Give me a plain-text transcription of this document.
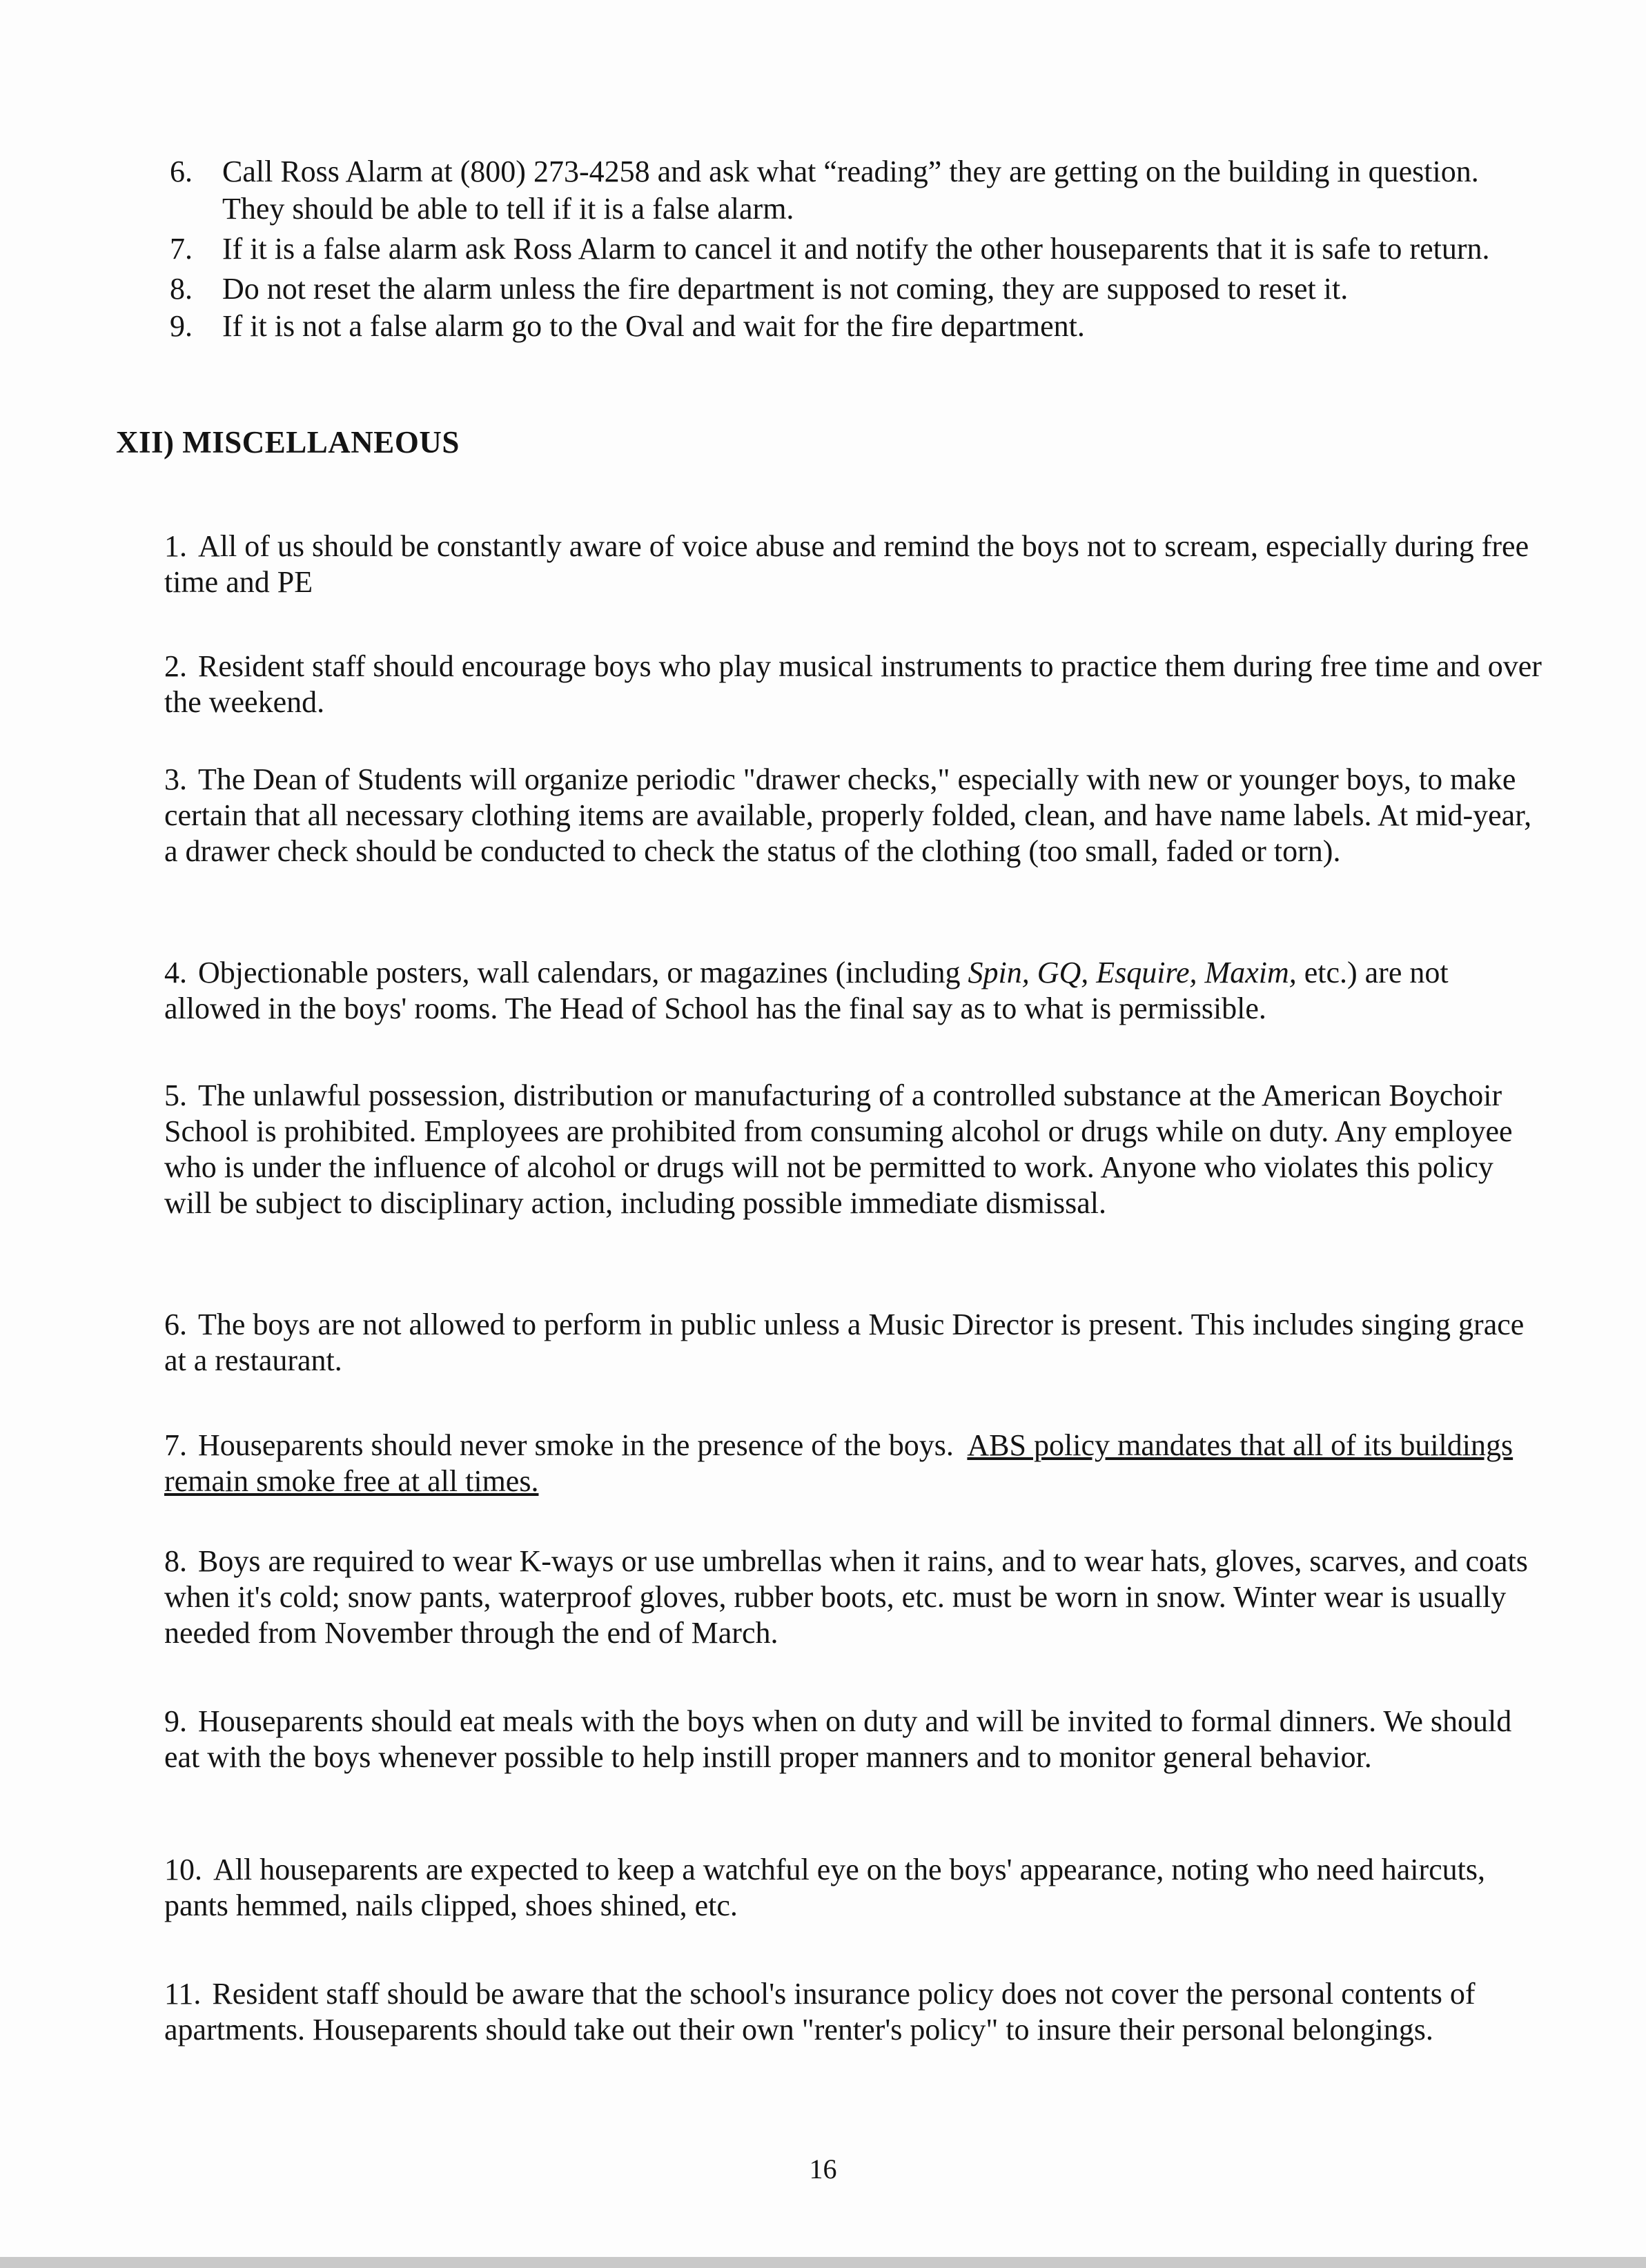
6. Call Ross Alarm at (800) 273-4258 and ask what “reading” they are getting on the building in question. They should be able to tell if it is a false alarm.
7. If it is a false alarm ask Ross Alarm to cancel it and notify the other houseparents that it is safe to return.
8. Do not reset the alarm unless the fire department is not coming, they are supposed to reset it.
9. If it is not a false alarm go to the Oval and wait for the fire department.
XII) MISCELLANEOUS

1. All of us should be constantly aware of voice abuse and remind the boys not to scream, especially during free time and PE

2. Resident staff should encourage boys who play musical instruments to practice them during free time and over the weekend.

3. The Dean of Students will organize periodic "drawer checks," especially with new or younger boys, to make certain that all necessary clothing items are available, properly folded, clean, and have name labels. At mid-year, a drawer check should be conducted to check the status of the clothing (too small, faded or torn).

4. Objectionable posters, wall calendars, or magazines (including Spin, GQ, Esquire, Maxim, etc.) are not allowed in the boys' rooms. The Head of School has the final say as to what is permissible.

5. The unlawful possession, distribution or manufacturing of a controlled substance at the American Boychoir School is prohibited. Employees are prohibited from consuming alcohol or drugs while on duty. Any employee who is under the influence of alcohol or drugs will not be permitted to work. Anyone who violates this policy will be subject to disciplinary action, including possible immediate dismissal.

6. The boys are not allowed to perform in public unless a Music Director is present. This includes singing grace at a restaurant.

7. Houseparents should never smoke in the presence of the boys. ABS policy mandates that all of its buildings remain smoke free at all times.

8. Boys are required to wear K-ways or use umbrellas when it rains, and to wear hats, gloves, scarves, and coats when it's cold; snow pants, waterproof gloves, rubber boots, etc. must be worn in snow. Winter wear is usually needed from November through the end of March.

9. Houseparents should eat meals with the boys when on duty and will be invited to formal dinners. We should eat with the boys whenever possible to help instill proper manners and to monitor general behavior.

10. All houseparents are expected to keep a watchful eye on the boys' appearance, noting who need haircuts, pants hemmed, nails clipped, shoes shined, etc.

11. Resident staff should be aware that the school's insurance policy does not cover the personal contents of apartments. Houseparents should take out their own "renter's policy" to insure their personal belongings.

16
